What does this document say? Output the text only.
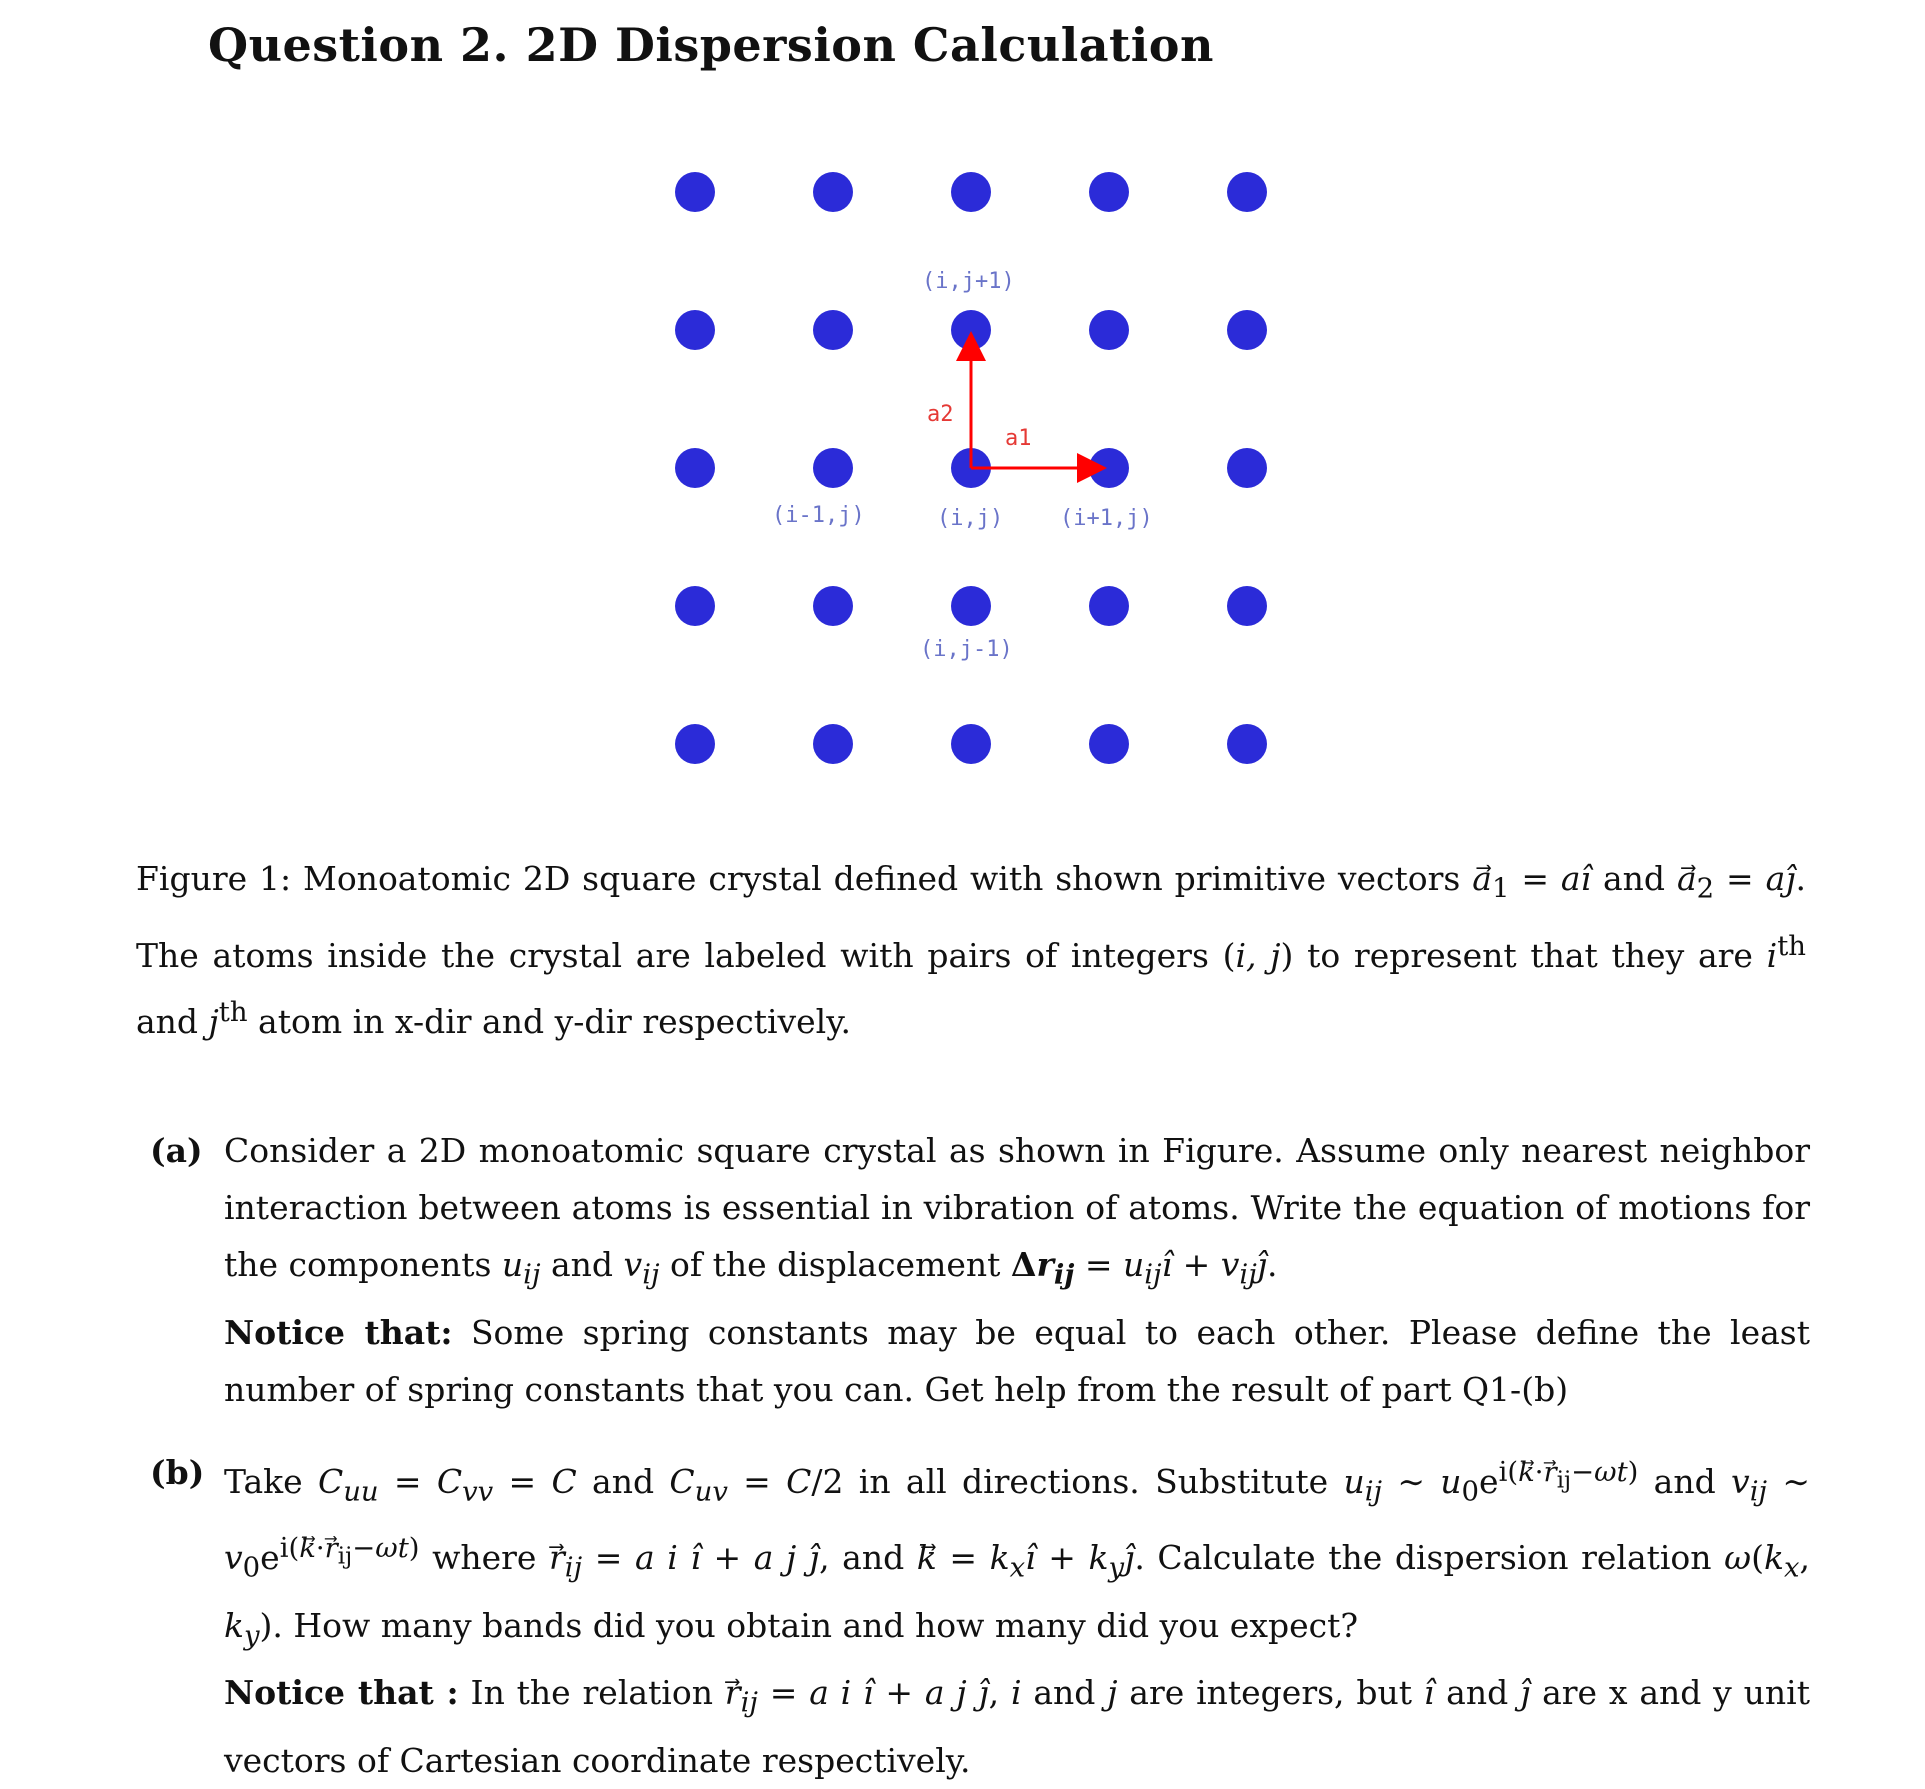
Question 2. 2D Dispersion Calculation
a1
a2
(i,j+1)
(i-1,j)	(i,j)	(i+1,j)
(i,j-1)

Figure 1: Monoatomic 2D square crystal defined with shown primitive vectors $a_1$ = aî and $a_2$ = aĵ. The atoms inside the crystal are labeled with pairs of integers (i, j) to represent that they are $i^{th}$ and $j^{th}$ atom in x-dir and y-dir respectively.

(a) Consider a 2D monoatomic square crystal as shown in Figure. Assume only nearest neighbor interaction between atoms is essential in vibration of atoms. Write the equation of motions for the components $u_{ij}$ and $v_{ij}$ of the displacement $\Delta r_{ij}$ = $u_{ij}î$ + $v_{ij}ĵ$.
Notice that: Some spring constants may be equal to each other. Please define the least number of spring constants that you can. Get help from the result of part Q1-(b)
(b) Take $C_{uu} = C_{vv} = C$ and $C_{uv} = C/2$ in all directions. Substitute $u_{ij}$ ∼ $u_0e^{i(k⃗\cdot r_{ij}-\omega t)}$ and $v_{ij}$ ∼ $v_0e^{i(k⃗\cdot r_{ij}-\omega t)}$ where $r_{ij} = a$ i î + a j ĵ, and k⃗ = $k_xî$ + $k_yĵ$. Calculate the dispersion relation $\omega(k_x$, $k_y$). How many bands did you obtain and how many did you expect?
Notice that : In the relation $r_{ij} = a$ i î + a j ĵ, i and j are integers, but î and ĵ are x and y unit vectors of Cartesian coordinate respectively.
